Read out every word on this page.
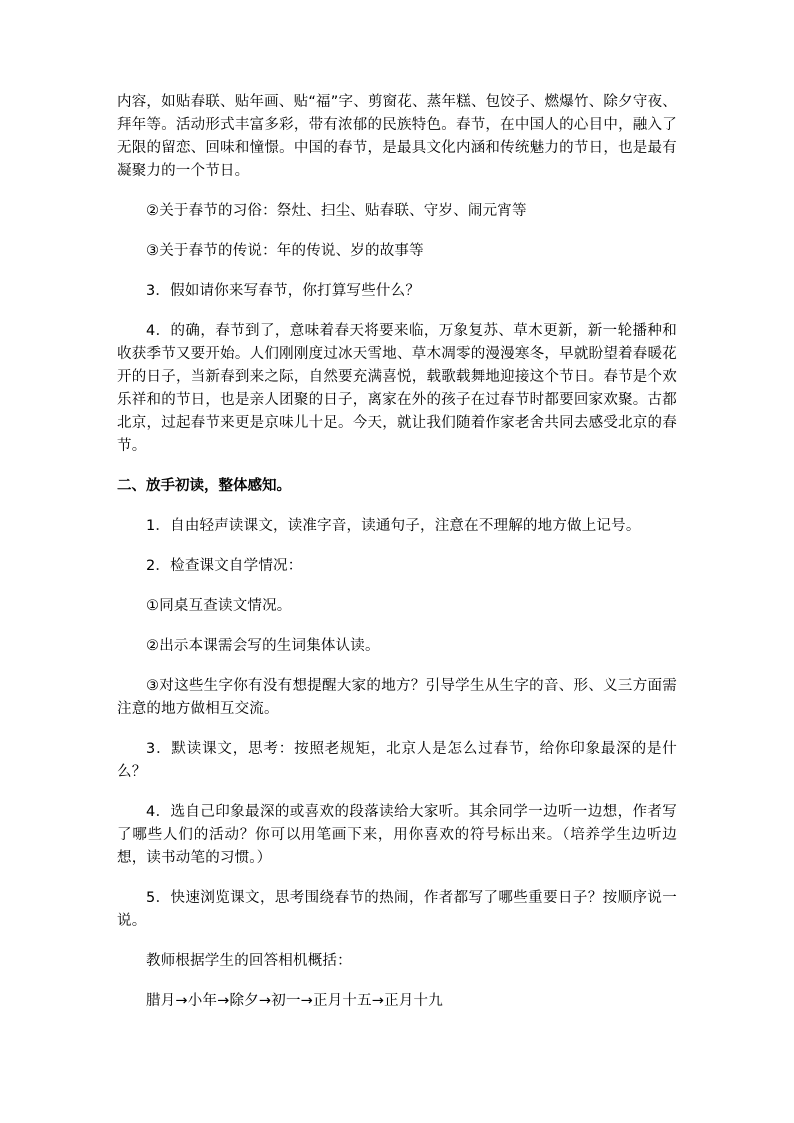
内容，如贴春联、贴年画、贴“福”字、剪窗花、蒸年糕、包饺子、燃爆竹、除夕守夜、拜年等。活动形式丰富多彩，带有浓郁的民族特色。春节，在中国人的心目中，融入了无限的留恋、回味和憧憬。中国的春节，是最具文化内涵和传统魅力的节日，也是最有凝聚力的一个节日。

②关于春节的习俗：祭灶、扫尘、贴春联、守岁、闹元宵等

③关于春节的传说：年的传说、岁的故事等

3．假如请你来写春节，你打算写些什么？

4．的确，春节到了，意味着春天将要来临，万象复苏、草木更新，新一轮播种和收获季节又要开始。人们刚刚度过冰天雪地、草木凋零的漫漫寒冬，早就盼望着春暖花开的日子，当新春到来之际，自然要充满喜悦，载歌载舞地迎接这个节日。春节是个欢乐祥和的节日，也是亲人团聚的日子，离家在外的孩子在过春节时都要回家欢聚。古都北京，过起春节来更是京味儿十足。今天，就让我们随着作家老舍共同去感受北京的春节。

二、放手初读，整体感知。

1．自由轻声读课文，读准字音，读通句子，注意在不理解的地方做上记号。

2．检查课文自学情况：

①同桌互查读文情况。

②出示本课需会写的生词集体认读。

③对这些生字你有没有想提醒大家的地方？引导学生从生字的音、形、义三方面需注意的地方做相互交流。

3．默读课文，思考：按照老规矩，北京人是怎么过春节，给你印象最深的是什么？

4．选自己印象最深的或喜欢的段落读给大家听。其余同学一边听一边想，作者写了哪些人们的活动？你可以用笔画下来，用你喜欢的符号标出来。（培养学生边听边想，读书动笔的习惯。）

5．快速浏览课文，思考围绕春节的热闹，作者都写了哪些重要日子？按顺序说一说。

教师根据学生的回答相机概括：

腊月→小年→除夕→初一→正月十五→正月十九
